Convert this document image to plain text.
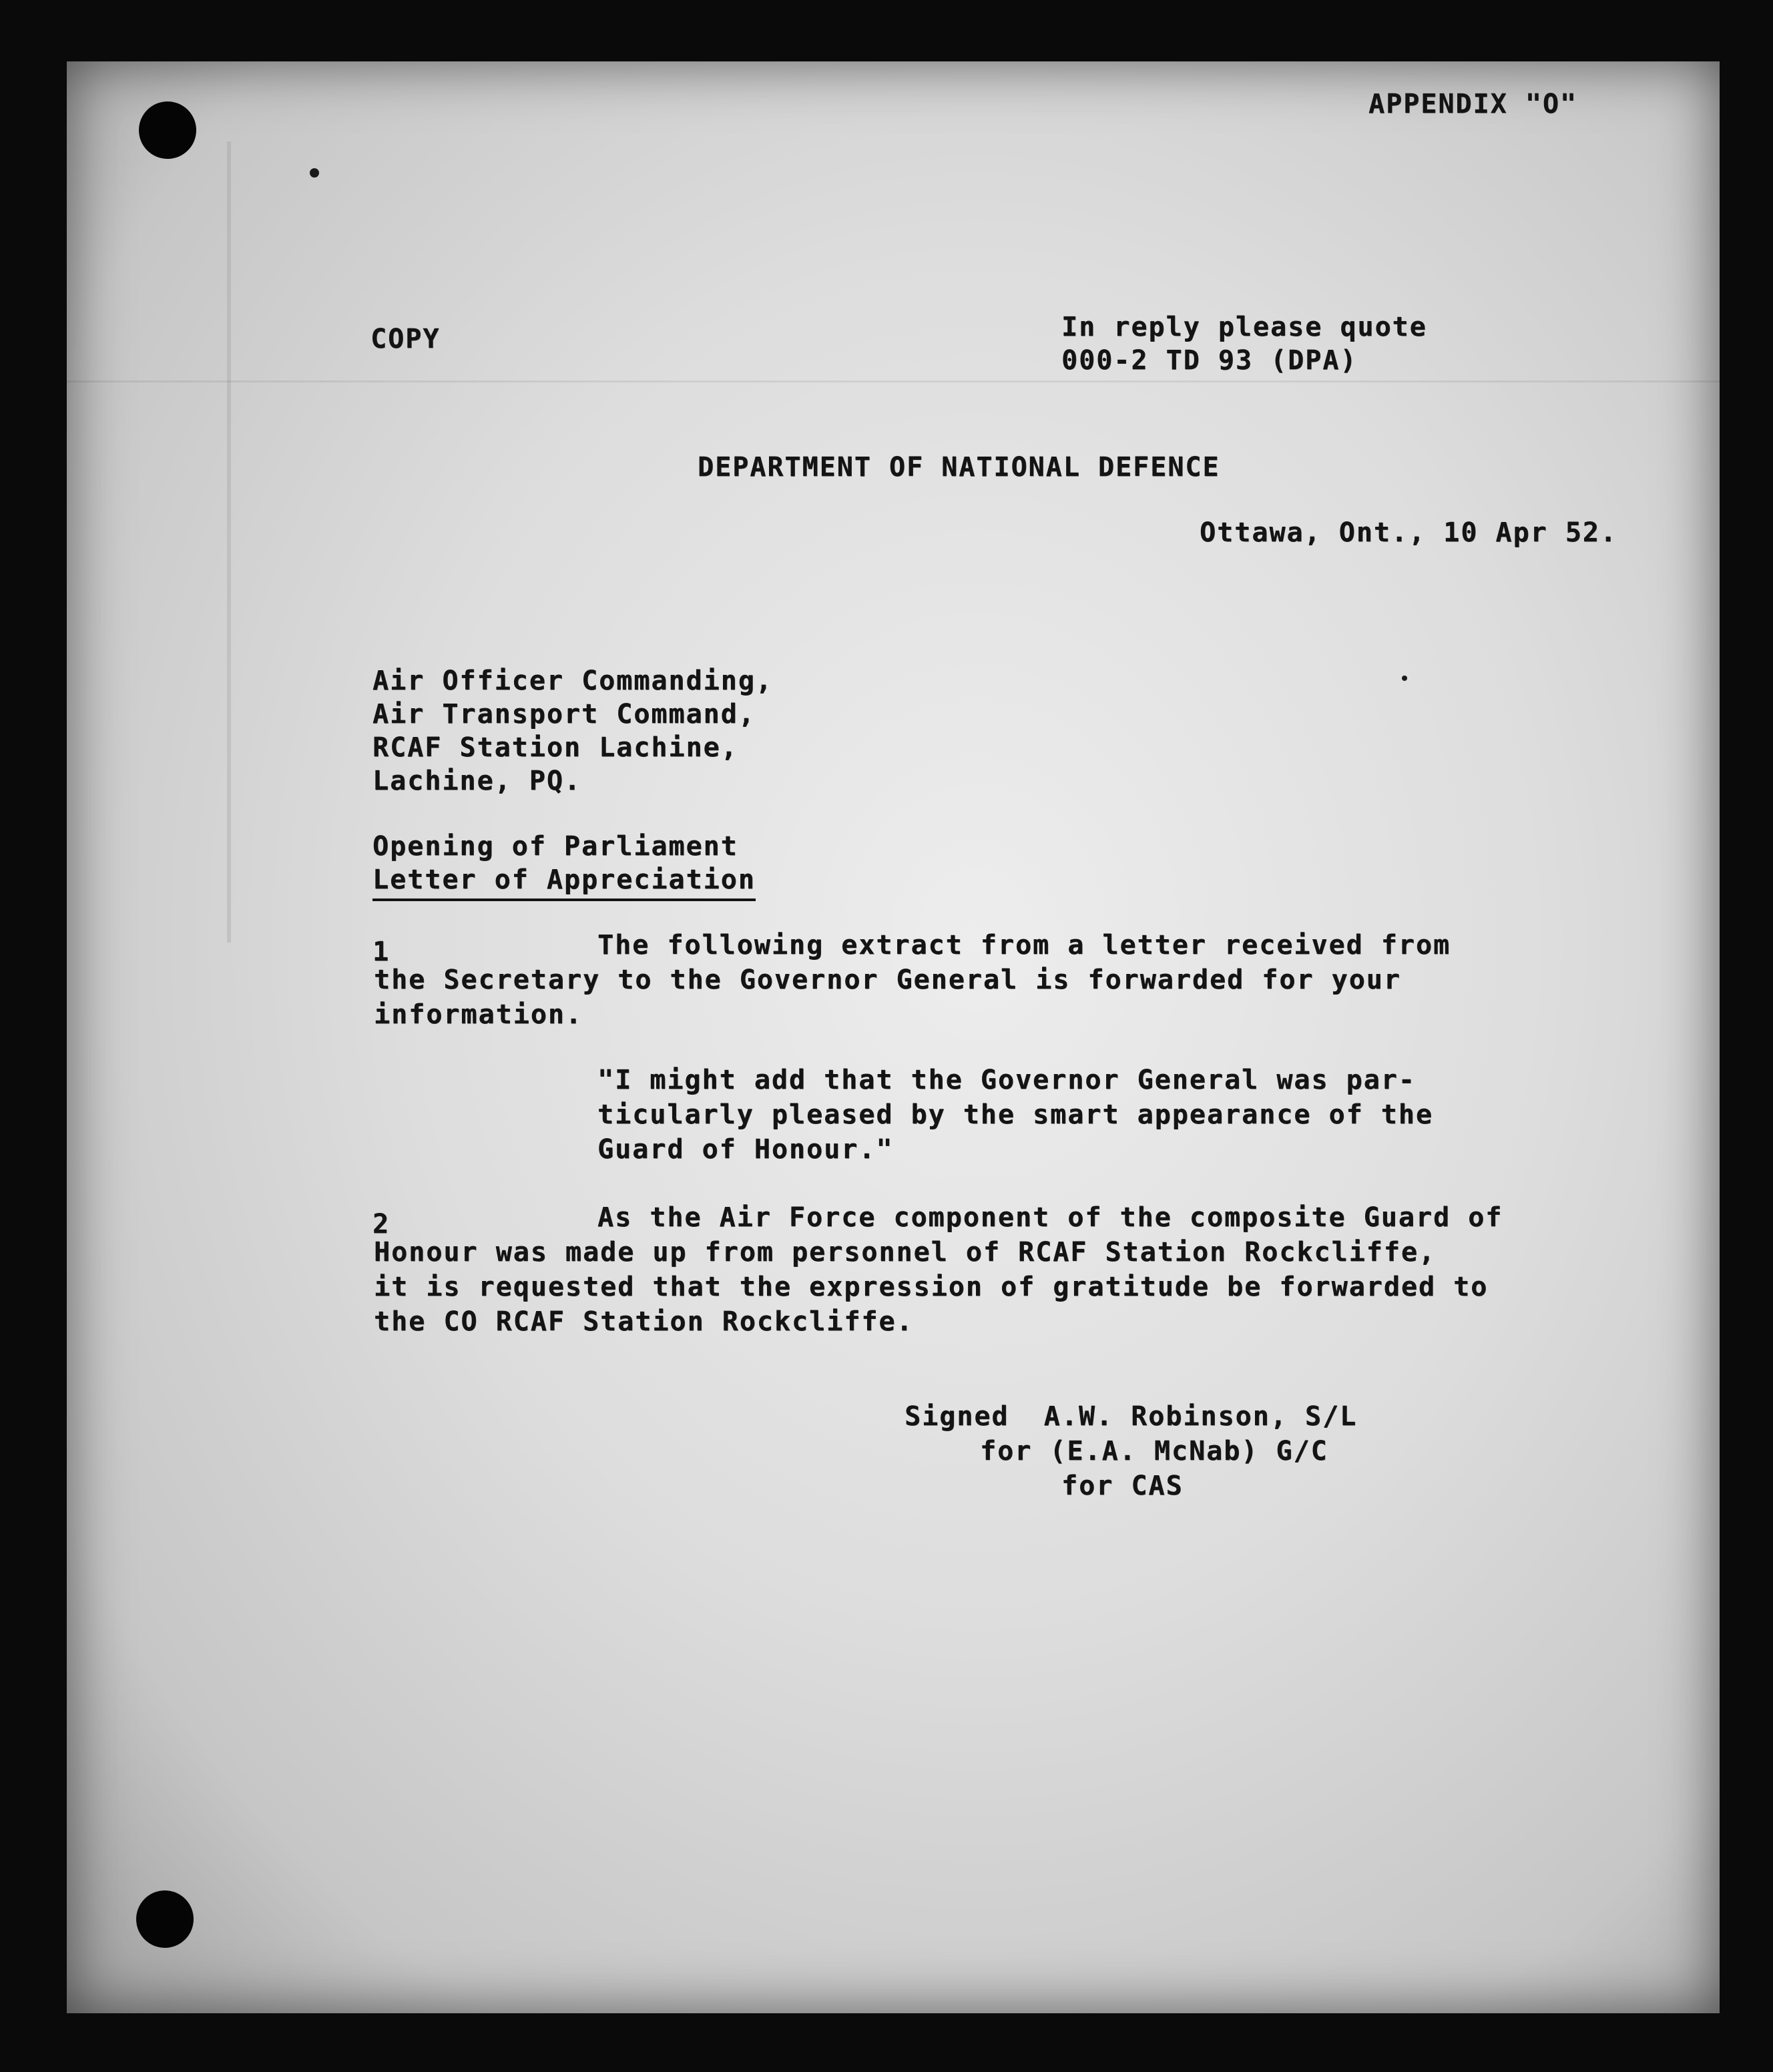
APPENDIX "O"

COPY	In reply please quote

000-2 TD 93 (DPA)

DEPARTMENT OF NATIONAL DEFENCE

Ottawa, Ont., 10 Apr 52.

Air Officer Commanding,

Air Transport Command,

RCAF Station Lachine,

Lachine, PQ.

Opening of Parliament

Letter of Appreciation

1	The following extract from a letter received from

the Secretary to the Governor General is forwarded for your

information.

"I might add that the Governor General was par-

ticularly pleased by the smart appearance of the

Guard of Honour."

2	As the Air Force component of the composite Guard of

Honour was made up from personnel of RCAF Station Rockcliffe,

it is requested that the expression of gratitude be forwarded to

the CO RCAF Station Rockcliffe.

Signed  A.W. Robinson, S/L

for (E.A. McNab) G/C

for CAS
